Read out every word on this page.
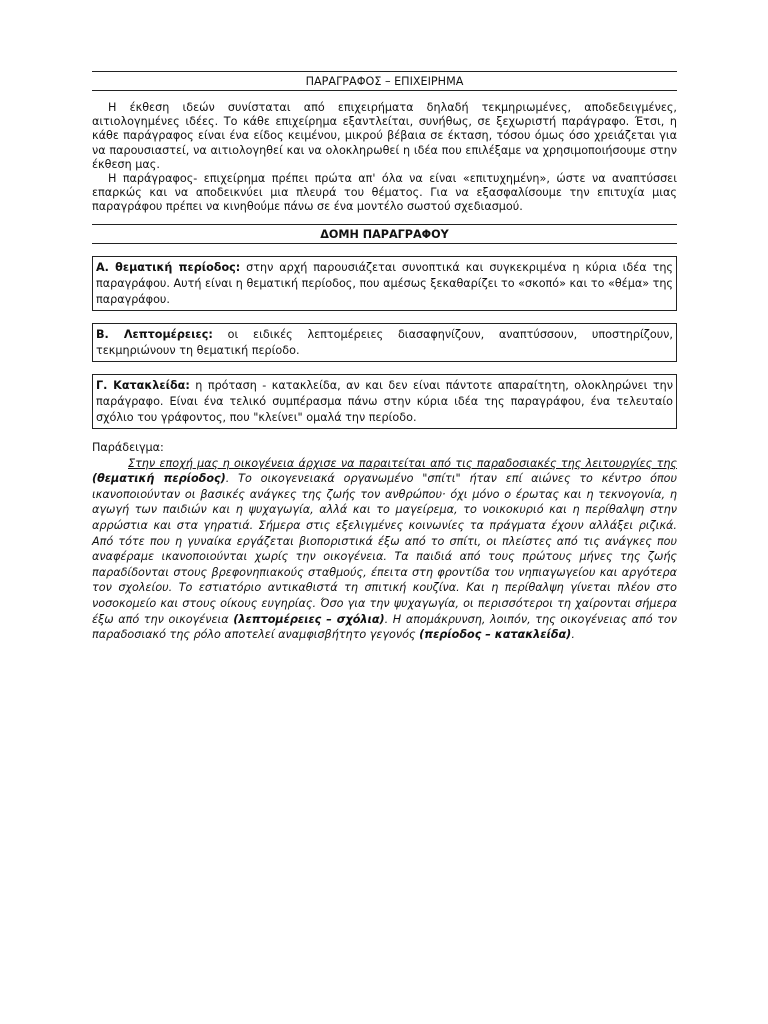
ΠΑΡΑΓΡΑΦΟΣ – ΕΠΙΧΕΙΡΗΜΑ

Η έκθεση ιδεών συνίσταται από επιχειρήματα δηλαδή τεκμηριωμένες, αποδεδειγμένες, αιτιολογημένες ιδέες. Το κάθε επιχείρημα εξαντλείται, συνήθως, σε ξεχωριστή παράγραφο. Έτσι, η κάθε παράγραφος είναι ένα είδος κειμένου, μικρού βέβαια σε έκταση, τόσου όμως όσο χρειάζεται για να παρουσιαστεί, να αιτιολογηθεί και να ολοκληρωθεί η ιδέα που επιλέξαμε να χρησιμοποιήσουμε στην έκθεση μας.

Η παράγραφος- επιχείρημα πρέπει πρώτα απ' όλα να είναι «επιτυχημένη», ώστε να αναπτύσσει επαρκώς και να αποδεικνύει μια πλευρά του θέματος. Για να εξασφαλίσουμε την επιτυχία μιας παραγράφου πρέπει να κινηθούμε πάνω σε ένα μοντέλο σωστού σχεδιασμού.

ΔΟΜΗ ΠΑΡΑΓΡΑΦΟΥ
Α. θεματική περίοδος: στην αρχή παρουσιάζεται συνοπτικά και συγκεκριμένα η κύρια ιδέα της παραγράφου. Αυτή είναι η θεματική περίοδος, που αμέσως ξεκαθαρίζει το «σκοπό» και το «θέμα» της παραγράφου.
Β. Λεπτομέρειες: οι ειδικές λεπτομέρειες διασαφηνίζουν, αναπτύσσουν, υποστηρίζουν, τεκμηριώνουν τη θεματική περίοδο.
Γ. Κατακλείδα: η πρόταση - κατακλείδα, αν και δεν είναι πάντοτε απαραίτητη, ολοκληρώνει την παράγραφο. Είναι ένα τελικό συμπέρασμα πάνω στην κύρια ιδέα της παραγράφου, ένα τελευταίο σχόλιο του γράφοντος, που "κλείνει" ομαλά την περίοδο.
Παράδειγμα:

Στην εποχή μας η οικογένεια άρχισε να παραιτείται από τις παραδοσιακές της λειτουργίες της (θεματική περίοδος). Το οικογενειακά οργανωμένο "σπίτι" ήταν επί αιώνες το κέντρο όπου ικανοποιούνταν οι βασικές ανάγκες της ζωής τον ανθρώπου· όχι μόνο ο έρωτας και η τεκνογονία, η αγωγή των παιδιών και η ψυχαγωγία, αλλά και το μαγείρεμα, το νοικοκυριό και η περίθαλψη στην αρρώστια και στα γηρατιά. Σήμερα στις εξελιγμένες κοινωνίες τα πράγματα έχουν αλλάξει ριζικά. Από τότε που η γυναίκα εργάζεται βιοποριστικά έξω από το σπίτι, οι πλείστες από τις ανάγκες που αναφέραμε ικανοποιούνται χωρίς την οικογένεια. Τα παιδιά από τους πρώτους μήνες της ζωής παραδίδονται στους βρεφονηπιακούς σταθμούς, έπειτα στη φροντίδα του νηπιαγωγείου και αργότερα τον σχολείου. Το εστιατόριο αντικαθιστά τη σπιτική κουζίνα. Και η περίθαλψη γίνεται πλέον στο νοσοκομείο και στους οίκους ευγηρίας. Όσο για την ψυχαγωγία, οι περισσότεροι τη χαίρονται σήμερα έξω από την οικογένεια (λεπτομέρειες – σχόλια). Η απομάκρυνση, λοιπόν, της οικογένειας από τον παραδοσιακό της ρόλο αποτελεί αναμφισβήτητο γεγονός (περίοδος – κατακλείδα).
